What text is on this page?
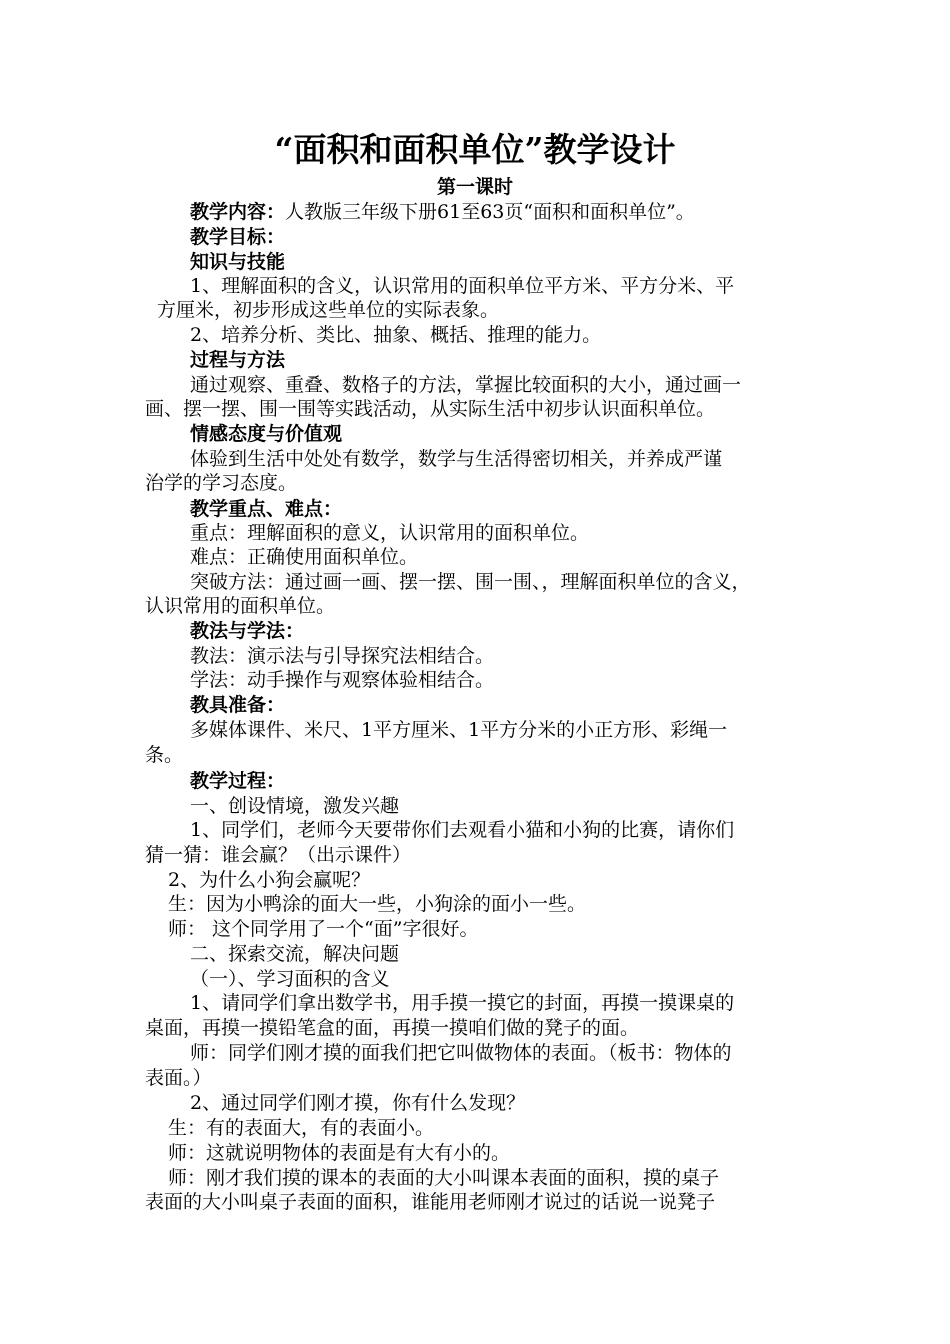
“面积和面积单位”教学设计
第一课时
教学内容：人教版三年级下册61至63页“面积和面积单位”。
教学目标：
知识与技能
1、理解面积的含义，认识常用的面积单位平方米、平方分米、平
方厘米，初步形成这些单位的实际表象。
2、培养分析、类比、抽象、概括、推理的能力。
过程与方法
通过观察、重叠、数格子的方法，掌握比较面积的大小，通过画一
画、摆一摆、围一围等实践活动，从实际生活中初步认识面积单位。
情感态度与价值观
体验到生活中处处有数学，数学与生活得密切相关，并养成严谨
治学的学习态度。
教学重点、难点：
重点：理解面积的意义，认识常用的面积单位。
难点：正确使用面积单位。
突破方法：通过画一画、摆一摆、围一围、，理解面积单位的含义，
认识常用的面积单位。
教法与学法：
教法：演示法与引导探究法相结合。
学法：动手操作与观察体验相结合。
教具准备：
多媒体课件、米尺、1平方厘米、1平方分米的小正方形、彩绳一
条。
教学过程：
一、创设情境，激发兴趣
1、同学们，老师今天要带你们去观看小猫和小狗的比赛，请你们
猜一猜：谁会赢？（出示课件）
2、为什么小狗会赢呢？
生：因为小鸭涂的面大一些，小狗涂的面小一些。
师： 这个同学用了一个“面”字很好。
二、探索交流，解决问题
（一）、学习面积的含义
1、请同学们拿出数学书，用手摸一摸它的封面，再摸一摸课桌的
桌面，再摸一摸铅笔盒的面，再摸一摸咱们做的凳子的面。
师：同学们刚才摸的面我们把它叫做物体的表面。（板书：物体的
表面。）
2、通过同学们刚才摸，你有什么发现？
生：有的表面大，有的表面小。
师：这就说明物体的表面是有大有小的。
师：刚才我们摸的课本的表面的大小叫课本表面的面积，摸的桌子
表面的大小叫桌子表面的面积，谁能用老师刚才说过的话说一说凳子
